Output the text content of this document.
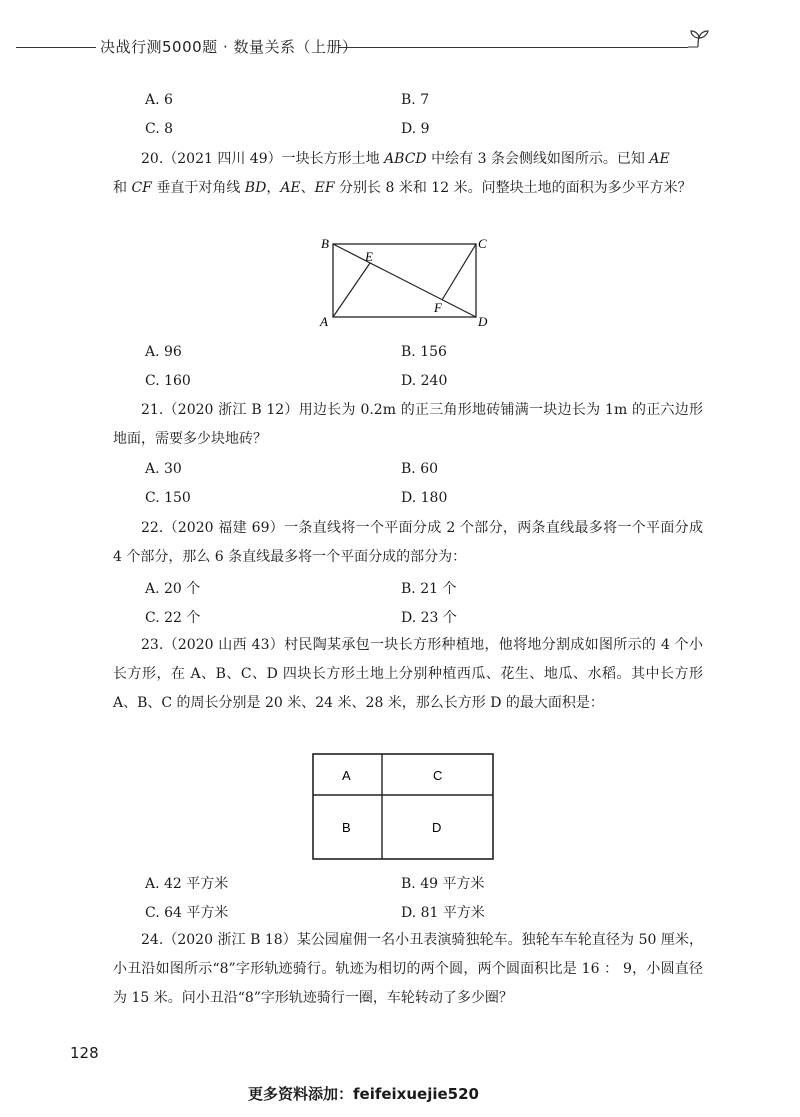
决战行测5000题 · 数量关系（上册）
A. 6	B. 7
C. 8	D. 9
20.（2021 四川 49）一块长方形土地 ABCD 中绘有 3 条会侧线如图所示。已知 AE
和 CF 垂直于对角线 BD，AE、EF 分别长 8 米和 12 米。问整块土地的面积为多少平方米？
B	C
A	D
E
F
A. 96	B. 156
C. 160	D. 240
21.（2020 浙江 B 12）用边长为 0.2m 的正三角形地砖铺满一块边长为 1m 的正六边形地面，需要多少块地砖？
A. 30	B. 60
C. 150	D. 180
22.（2020 福建 69）一条直线将一个平面分成 2 个部分，两条直线最多将一个平面分成 4 个部分，那么 6 条直线最多将一个平面分成的部分为：
A. 20 个	B. 21 个
C. 22 个	D. 23 个
23.（2020 山西 43）村民陶某承包一块长方形种植地，他将地分割成如图所示的 4 个小长方形，在 A、B、C、D 四块长方形土地上分别种植西瓜、花生、地瓜、水稻。其中长方形 A、B、C 的周长分别是 20 米、24 米、28 米，那么长方形 D 的最大面积是：
A	C
B	D
A. 42 平方米	B. 49 平方米
C. 64 平方米	D. 81 平方米
24.（2020 浙江 B 18）某公园雇佣一名小丑表演骑独轮车。独轮车车轮直径为 50 厘米，小丑沿如图所示“8”字形轨迹骑行。轨迹为相切的两个圆，两个圆面积比是 16 ： 9，小圆直径为 15 米。问小丑沿“8”字形轨迹骑行一圈，车轮转动了多少圈？
128
更多资料添加：feifeixuejie520
